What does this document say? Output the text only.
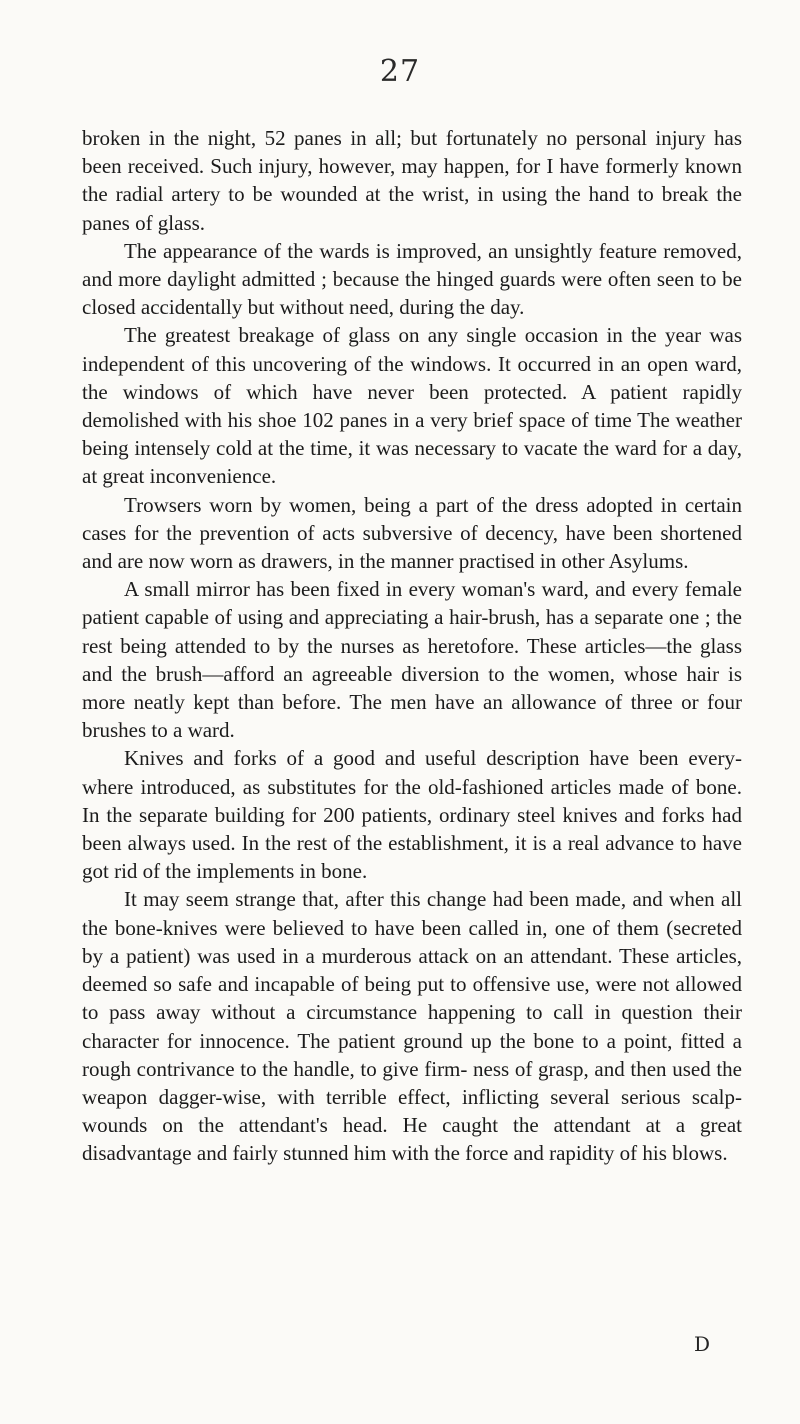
27

broken in the night, 52 panes in all; but fortunately no personal injury has been received. Such injury, however, may happen, for I have formerly known the radial artery to be wounded at the wrist, in using the hand to break the panes of glass.

The appearance of the wards is improved, an unsightly feature removed, and more daylight admitted ; because the hinged guards were often seen to be closed accidentally but without need, during the day.

The greatest breakage of glass on any single occasion in the year was independent of this uncovering of the windows. It occurred in an open ward, the windows of which have never been protected. A patient rapidly demolished with his shoe 102 panes in a very brief space of time The weather being intensely cold at the time, it was necessary to vacate the ward for a day, at great inconvenience.

Trowsers worn by women, being a part of the dress adopted in certain cases for the prevention of acts subversive of decency, have been shortened and are now worn as drawers, in the manner practised in other Asylums.

A small mirror has been fixed in every woman's ward, and every female patient capable of using and appreciating a hair-brush, has a separate one ; the rest being attended to by the nurses as heretofore. These articles—the glass and the brush—afford an agreeable diversion to the women, whose hair is more neatly kept than before. The men have an allowance of three or four brushes to a ward.

Knives and forks of a good and useful description have been every- where introduced, as substitutes for the old-fashioned articles made of bone. In the separate building for 200 patients, ordinary steel knives and forks had been always used. In the rest of the establishment, it is a real advance to have got rid of the implements in bone.

It may seem strange that, after this change had been made, and when all the bone-knives were believed to have been called in, one of them (secreted by a patient) was used in a murderous attack on an attendant. These articles, deemed so safe and incapable of being put to offensive use, were not allowed to pass away without a circumstance happening to call in question their character for innocence. The patient ground up the bone to a point, fitted a rough contrivance to the handle, to give firm- ness of grasp, and then used the weapon dagger-wise, with terrible effect, inflicting several serious scalp-wounds on the attendant's head. He caught the attendant at a great disadvantage and fairly stunned him with the force and rapidity of his blows.

D
